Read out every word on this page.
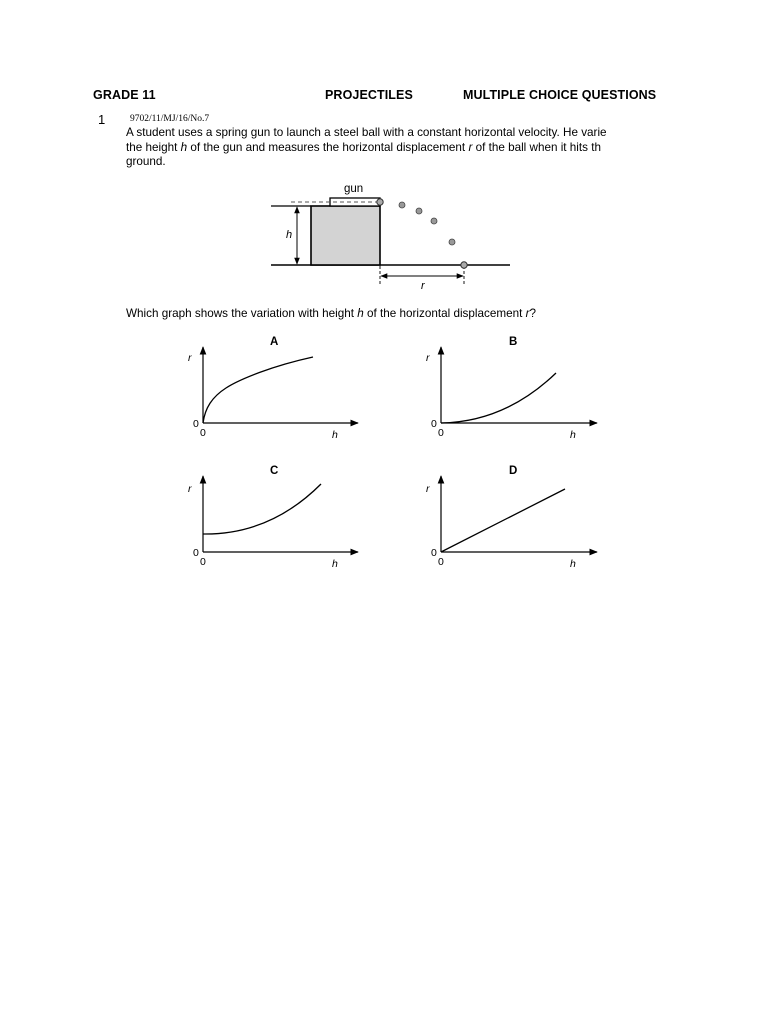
GRADE 11	PROJECTILES	MULTIPLE CHOICE QUESTIONS
1	9702/11/MJ/16/No.7
A student uses a spring gun to launch a steel ball with a constant horizontal velocity. He varie
the height h of the gun and measures the horizontal displacement r of the ball when it hits th
ground.
Which graph shows the variation with height h of the horizontal displacement r?
gun
h
r
A
r
h
0
0
B
r
h
0
0
C
r
h
0
0
D
r
h
0
0
